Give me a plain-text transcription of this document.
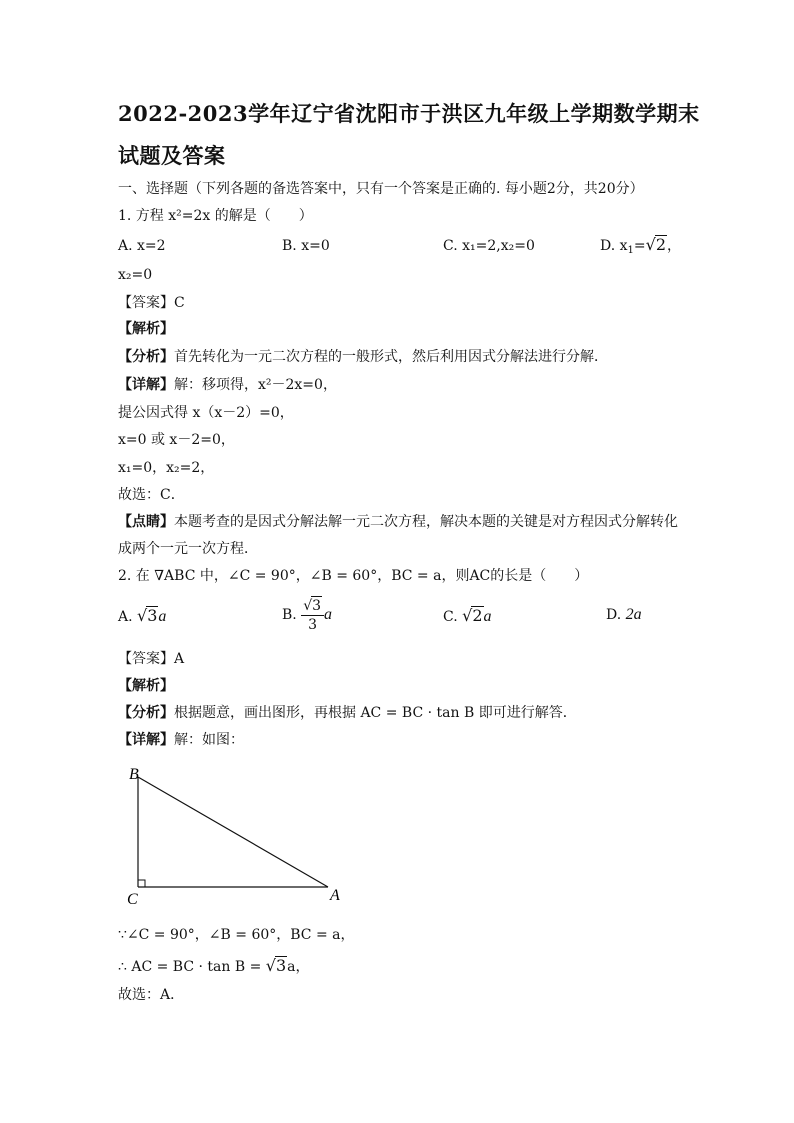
2022-2023学年辽宁省沈阳市于洪区九年级上学期数学期末
试题及答案
一、选择题（下列各题的备选答案中，只有一个答案是正确的. 每小题2分，共20分）
1. 方程 x²=2x 的解是（　　）
A. x=2	B. x=0	C. x₁=2,x₂=0	D. $x_1=√2$，
x₂=0
【答案】C
【解析】
【分析】首先转化为一元二次方程的一般形式，然后利用因式分解法进行分解．
【详解】解：移项得，x²－2x=0，
提公因式得 x（x－2）=0，
x=0 或 x－2=0，
x₁=0，x₂=2，
故选：C．
【点睛】本题考查的是因式分解法解一元二次方程，解决本题的关键是对方程因式分解转化
成两个一元一次方程．
2. 在 ∇ABC 中，∠C = 90°，∠B = 60°，BC = a，则AC的长是（　　）
A. √3a	B. $\frac{√3}{3}$ a	C. √2a	D. 2a
【答案】A
【解析】
【分析】根据题意，画出图形，再根据 AC = BC · tan B 即可进行解答．
【详解】解：如图：
B
C	A
∵∠C = 90°，∠B = 60°，BC = a，
∴ AC = BC · tan B = √3a，
故选：A．
